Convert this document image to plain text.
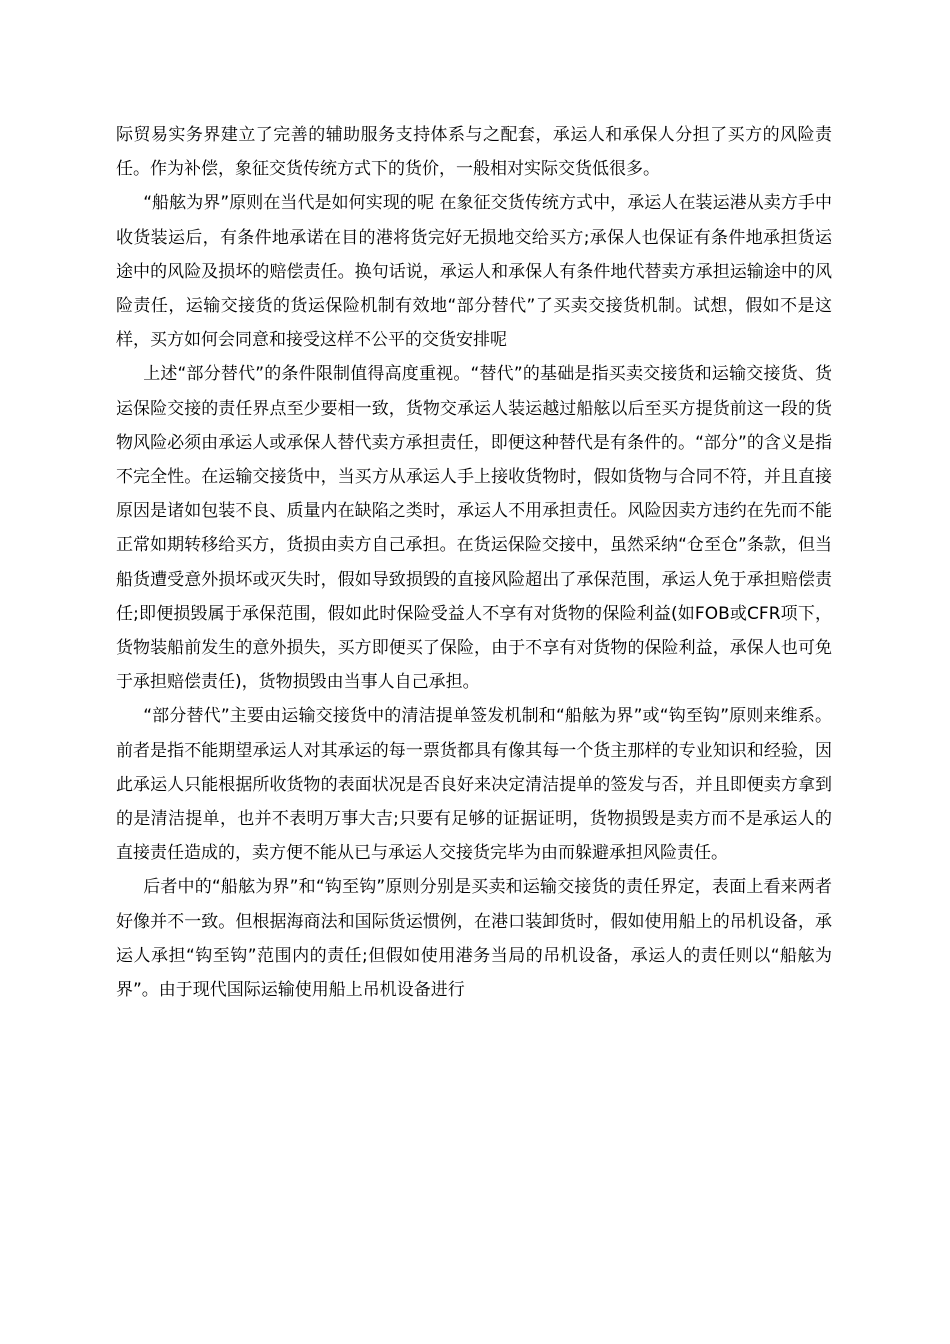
际贸易实务界建立了完善的辅助服务支持体系与之配套，承运人和承保人分担了买方的风险责任。作为补偿，象征交货传统方式下的货价，一般相对实际交货低很多。

“船舷为界”原则在当代是如何实现的呢 在象征交货传统方式中，承运人在装运港从卖方手中收货装运后，有条件地承诺在目的港将货完好无损地交给买方;承保人也保证有条件地承担货运途中的风险及损坏的赔偿责任。换句话说，承运人和承保人有条件地代替卖方承担运输途中的风险责任，运输交接货的货运保险机制有效地“部分替代”了买卖交接货机制。试想，假如不是这样，买方如何会同意和接受这样不公平的交货安排呢

上述“部分替代”的条件限制值得高度重视。“替代”的基础是指买卖交接货和运输交接货、货运保险交接的责任界点至少要相一致，货物交承运人装运越过船舷以后至买方提货前这一段的货物风险必须由承运人或承保人替代卖方承担责任，即便这种替代是有条件的。“部分”的含义是指不完全性。在运输交接货中，当买方从承运人手上接收货物时，假如货物与合同不符，并且直接原因是诸如包装不良、质量内在缺陷之类时，承运人不用承担责任。风险因卖方违约在先而不能正常如期转移给买方，货损由卖方自己承担。在货运保险交接中，虽然采纳“仓至仓”条款，但当船货遭受意外损坏或灭失时，假如导致损毁的直接风险超出了承保范围，承运人免于承担赔偿责任;即便损毁属于承保范围，假如此时保险受益人不享有对货物的保险利益(如FOB或CFR项下，货物装船前发生的意外损失，买方即便买了保险，由于不享有对货物的保险利益，承保人也可免于承担赔偿责任)，货物损毁由当事人自己承担。

“部分替代”主要由运输交接货中的清洁提单签发机制和“船舷为界”或“钩至钩”原则来维系。前者是指不能期望承运人对其承运的每一票货都具有像其每一个货主那样的专业知识和经验，因此承运人只能根据所收货物的表面状况是否良好来决定清洁提单的签发与否，并且即便卖方拿到的是清洁提单，也并不表明万事大吉;只要有足够的证据证明，货物损毁是卖方而不是承运人的直接责任造成的，卖方便不能从已与承运人交接货完毕为由而躲避承担风险责任。

后者中的“船舷为界”和“钩至钩”原则分别是买卖和运输交接货的责任界定，表面上看来两者好像并不一致。但根据海商法和国际货运惯例，在港口装卸货时，假如使用船上的吊机设备，承运人承担“钩至钩”范围内的责任;但假如使用港务当局的吊机设备，承运人的责任则以“船舷为界”。由于现代国际运输使用船上吊机设备进行
